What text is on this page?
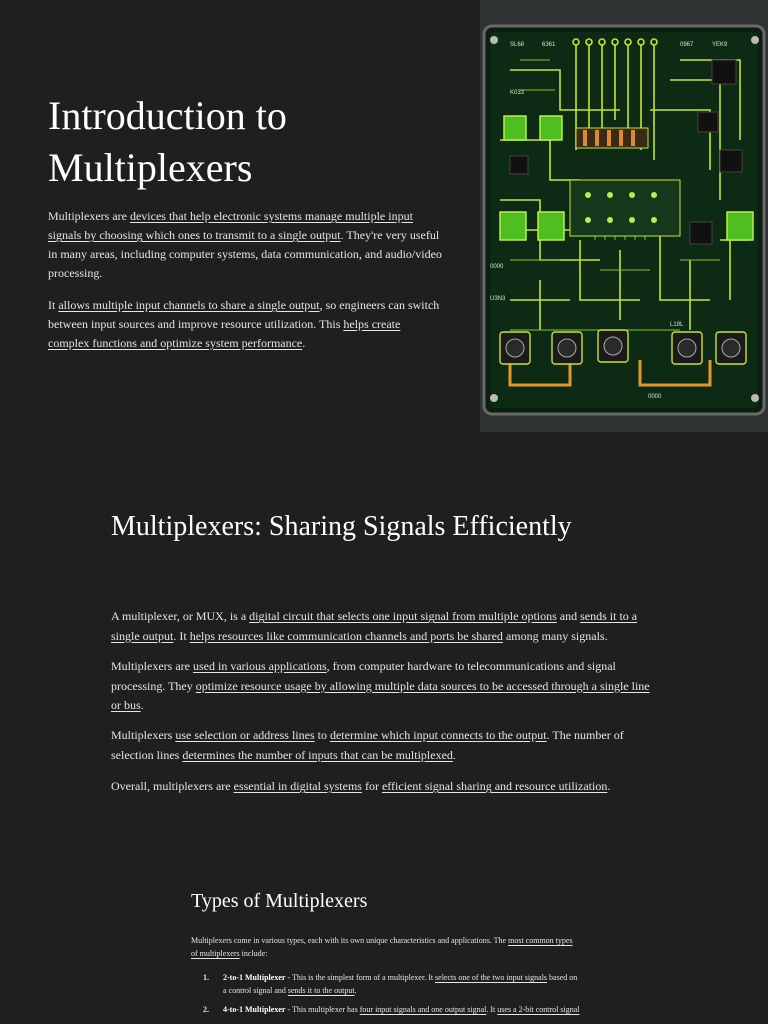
Introduction to Multiplexers

Multiplexers are devices that help electronic systems manage multiple input signals by choosing which ones to transmit to a single output. They're very useful in many areas, including computer systems, data communication, and audio/video processing.

It allows multiple input channels to share a single output, so engineers can switch between input sources and improve resource utilization. This helps create complex functions and optimize system performance.

SL68	6361	0967	YEK9
K033
0000
U3N3
L19L
0000
Multiplexers: Sharing Signals Efficiently

A multiplexer, or MUX, is a digital circuit that selects one input signal from multiple options and sends it to a single output. It helps resources like communication channels and ports be shared among many signals.

Multiplexers are used in various applications, from computer hardware to telecommunications and signal processing. They optimize resource usage by allowing multiple data sources to be accessed through a single line or bus.

Multiplexers use selection or address lines to determine which input connects to the output. The number of selection lines determines the number of inputs that can be multiplexed.

Overall, multiplexers are essential in digital systems for efficient signal sharing and resource utilization.

Types of Multiplexers

Multiplexers come in various types, each with its own unique characteristics and applications. The most common types of multiplexers include:

1. 2-to-1 Multiplexer - This is the simplest form of a multiplexer. It selects one of the two input signals based on a control signal and sends it to the output.
2. 4-to-1 Multiplexer - This multiplexer has four input signals and one output signal. It uses a 2-bit control signal
